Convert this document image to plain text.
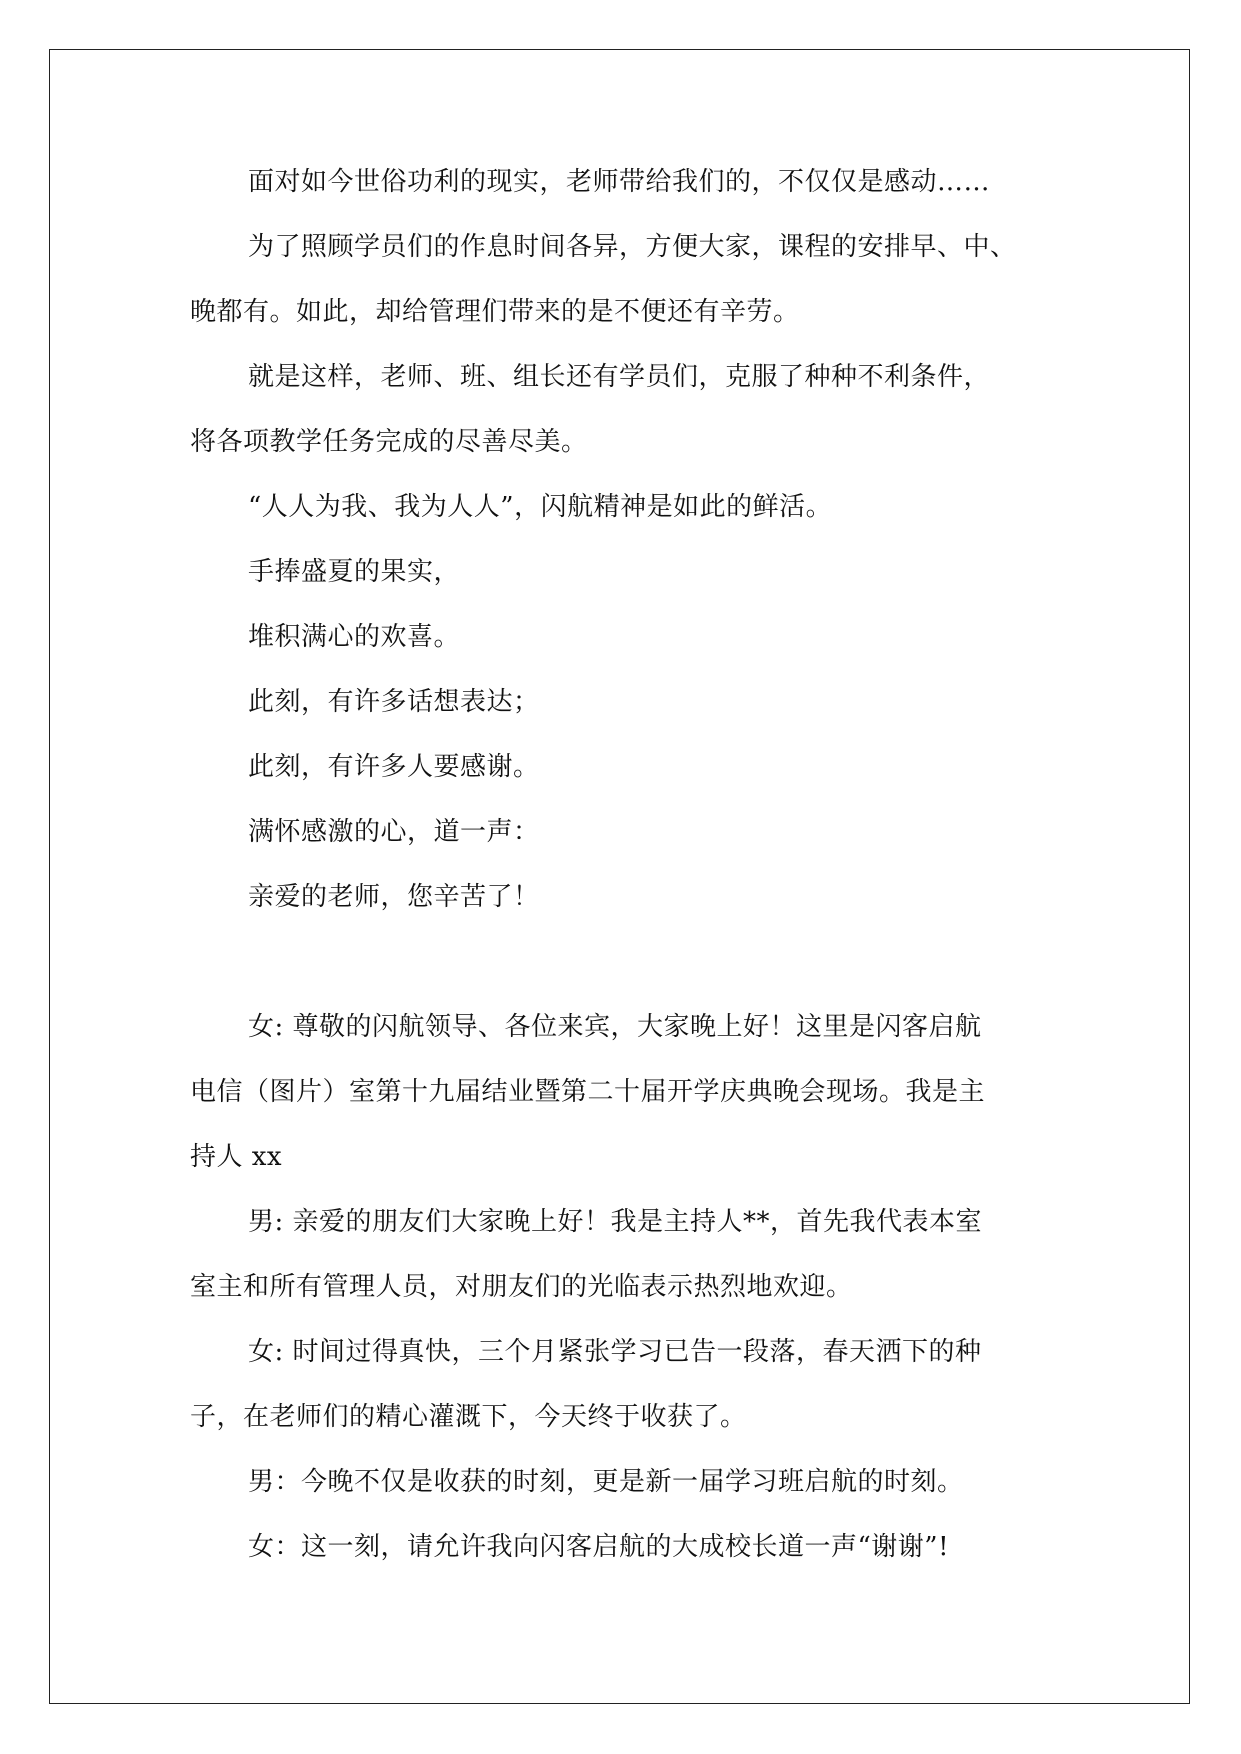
面对如今世俗功利的现实，老师带给我们的，不仅仅是感动……
为了照顾学员们的作息时间各异，方便大家，课程的安排早、中、
晚都有。如此，却给管理们带来的是不便还有辛劳。
就是这样，老师、班、组长还有学员们，克服了种种不利条件，
将各项教学任务完成的尽善尽美。
“人人为我、我为人人”，闪航精神是如此的鲜活。
手捧盛夏的果实，
堆积满心的欢喜。
此刻，有许多话想表达；
此刻，有许多人要感谢。
满怀感激的心，道一声：
亲爱的老师，您辛苦了！
女: 尊敬的闪航领导、各位来宾，大家晚上好！这里是闪客启航
电信（图片）室第十九届结业暨第二十届开学庆典晚会现场。我是主
持人 xx
男: 亲爱的朋友们大家晚上好！我是主持人**，首先我代表本室
室主和所有管理人员，对朋友们的光临表示热烈地欢迎。
女: 时间过得真快，三个月紧张学习已告一段落，春天洒下的种
子，在老师们的精心灌溉下，今天终于收获了。
男：今晚不仅是收获的时刻，更是新一届学习班启航的时刻。
女：这一刻，请允许我向闪客启航的大成校长道一声“谢谢”!
